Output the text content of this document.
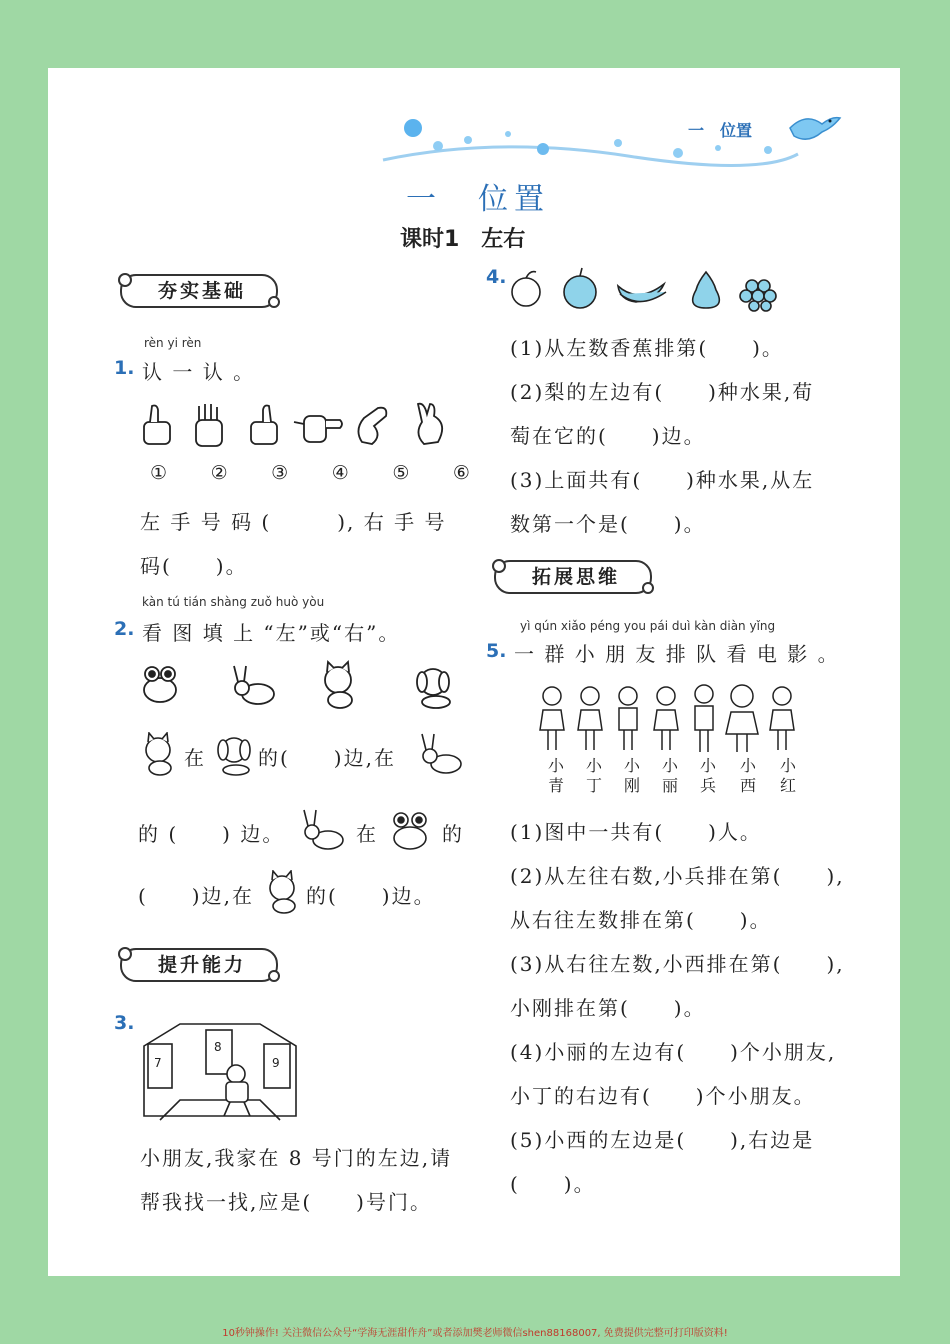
一　位置
一　位置
课时1　左右
夯实基础
rèn yi rèn
1. 认 一 认 。
① ② ③ ④ ⑤ ⑥
左 手 号 码 (　　　), 右 手 号
码(　　)。
kàn tú tián shàng zuǒ huò yòu
2. 看 图 填 上 “左”或“右”。
在	的(　　)边,在
的 (　　) 边。	在	的
(　　)边,在	的(　　)边。
提升能力
3.
7
8
9
小朋友,我家在 8 号门的左边,请
帮我找一找,应是(　　)号门。
4.
(1)从左数香蕉排第(　　)。
(2)梨的左边有(　　)种水果,荀
萄在它的(　　)边。
(3)上面共有(　　)种水果,从左
数第一个是(　　)。
拓展思维
yì qún xiǎo péng you pái duì kàn diàn yǐng
5. 一 群 小 朋 友 排 队 看 电 影 。
小青
小丁
小刚
小丽
小兵
小西
小红
(1)图中一共有(　　)人。
(2)从左往右数,小兵排在第(　　),
从右往左数排在第(　　)。
(3)从右往左数,小西排在第(　　),
小刚排在第(　　)。
(4)小丽的左边有(　　)个小朋友,
小丁的右边有(　　)个小朋友。
(5)小西的左边是(　　),右边是
(　　)。
10秒钟操作! 关注微信公众号“学海无涯甜作舟”或者添加樊老师微信shen88168007, 免费提供完整可打印版资料!
